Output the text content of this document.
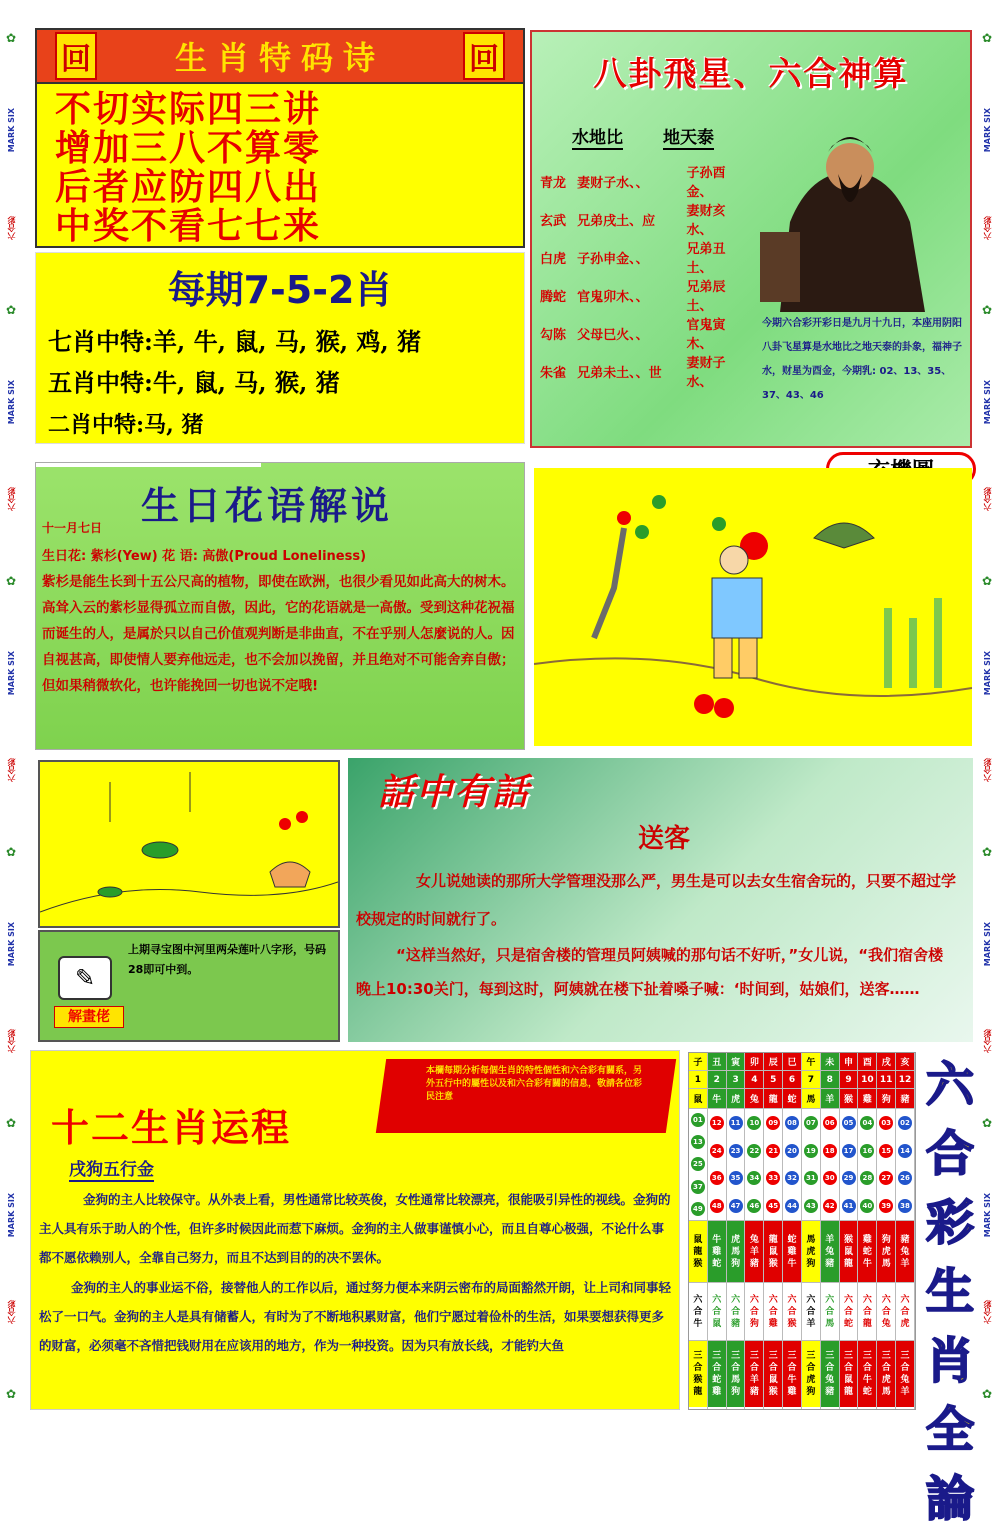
✿
MARK SIX
六合彩
✿
MARK SIX
六合彩
✿
MARK SIX
六合彩
✿
MARK SIX
六合彩
✿
MARK SIX
六合彩
✿
✿
MARK SIX
六合彩
✿
MARK SIX
六合彩
✿
MARK SIX
六合彩
✿
MARK SIX
六合彩
✿
MARK SIX
六合彩
✿
回	生肖特码诗	回

不切实际四三讲

增加三八不算零

后者应防四八出

中奖不看七七来

每期7-5-2肖
七肖中特:羊, 牛, 鼠, 马, 猴, 鸡, 猪
五肖中特:牛, 鼠, 马, 猴, 猪
二肖中特:马, 猪
八卦飛星、六合神算
水地比 地天泰
青龙 妻财子水、、
子孙酉金、
玄武 兄弟戌土、应
妻财亥水、
白虎 子孙申金、、
兄弟丑土、
腾蛇 官鬼卯木、、
兄弟辰土、
勾陈 父母巳火、、
官鬼寅木、
朱雀 兄弟未土、、世
妻财子水、
今期六合彩开彩日是九月十九日，本座用阴阳八卦飞星算是水地比之地天泰的卦象，福神子水，财星为酉金，今期乳: 02、13、35、37、43、46
生日花语解说
十一月七日
生日花: 紫杉(Yew) 花 语: 高傲(Proud Loneliness)
紫杉是能生长到十五公尺高的植物，即使在欧洲，也很少看见如此高大的树木。高耸入云的紫杉显得孤立而自傲，因此，它的花语就是一高傲。受到这种花祝福而诞生的人，是属於只以自己价值观判断是非曲直，不在乎别人怎麼说的人。因自视甚高，即使情人要弃他远走，也不会加以挽留，并且绝对不可能舍弃自傲；但如果稍微软化，也许能挽回一切也说不定哦!
✎
解畫佬
上期寻宝图中河里两朵莲叶八字形，号码28即可中到。
話中有話
送客
女儿说她读的那所大学管理没那么严，男生是可以去女生宿舍玩的，只要不超过学校规定的时间就行了。
“这样当然好，只是宿舍楼的管理员阿姨喊的那句话不好听，”女儿说，“我们宿舍楼晚上10:30关门，每到这时，阿姨就在楼下扯着嗓子喊：‘时间到，姑娘们，送客……
十二生肖运程
本欄每期分析每個生肖的特性個性和六合彩有關系，另外五行中的屬性以及和六合彩有關的信息，敬請各位彩民注意
戌狗五行金
金狗的主人比较保守。从外表上看，男性通常比较英俊，女性通常比较漂亮，很能吸引异性的视线。金狗的主人具有乐于助人的个性，但许多时候因此而惹下麻烦。金狗的主人做事谨慎小心，而且自尊心极强，不论什么事都不愿依赖别人，全靠自己努力，而且不达到目的的决不罢休。
金狗的主人的事业运不俗，接替他人的工作以后，通过努力便本来阴云密布的局面豁然开朗，让上司和同事轻松了一口气。金狗的主人是具有储蓄人，有时为了不断地积累财富，他们宁愿过着俭朴的生活，如果要想获得更多的财富，必须毫不吝惜把钱财用在应该用的地方，作为一种投资。因为只有放长线，才能钓大鱼
子
1
鼠
01
13
25
37
49
鼠
龍
猴
六
合
牛
三
合
猴
龍
丑
2
牛
12
24
36
48
牛
雞
蛇
六
合
鼠
三
合
蛇
雞
寅
3
虎
11
23
35
47
虎
馬
狗
六
合
豬
三
合
馬
狗
卯
4
兔
10
22
34
46
兔
羊
豬
六
合
狗
三
合
羊
豬
辰
5
龍
09
21
33
45
龍
鼠
猴
六
合
雞
三
合
鼠
猴
巳
6
蛇
08
20
32
44
蛇
雞
牛
六
合
猴
三
合
牛
雞
午
7
馬
07
19
31
43
馬
虎
狗
六
合
羊
三
合
虎
狗
未
8
羊
06
18
30
42
羊
兔
豬
六
合
馬
三
合
兔
豬
申
9
猴
05
17
29
41
猴
鼠
龍
六
合
蛇
三
合
鼠
龍
酉
10
雞
04
16
28
40
雞
蛇
牛
六
合
龍
三
合
牛
蛇
戌
11
狗
03
15
27
39
狗
虎
馬
六
合
兔
三
合
虎
馬
亥
12
豬
02
14
26
38
豬
兔
羊
六
合
虎
三
合
兔
羊
六
合
彩
生
肖
全
論
